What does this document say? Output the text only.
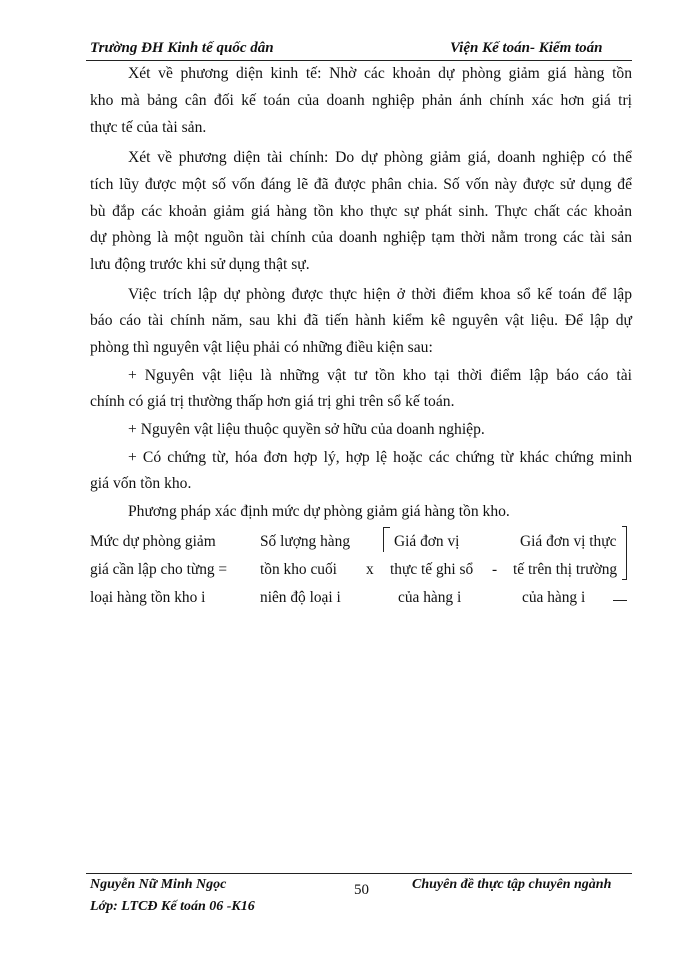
Trường ĐH Kinh tế quốc dân	Viện Kế toán- Kiểm toán
Xét về phương diện kinh tế: Nhờ các khoản dự phòng giảm giá hàng tồn
kho mà bảng cân đối kế toán của doanh nghiệp phản ánh chính xác hơn giá trị
thực tế của tài sản.
Xét về phương diện tài chính: Do dự phòng giảm giá, doanh nghiệp có thể
tích lũy được một số vốn đáng lẽ đã được phân chia. Số vốn này được sử dụng để
bù đắp các khoản giảm giá hàng tồn kho thực sự phát sinh. Thực chất các khoản
dự phòng là một nguồn tài chính của doanh nghiệp tạm thời nằm trong các tài sản
lưu động trước khi sử dụng thật sự.
Việc trích lập dự phòng được thực hiện ở thời điểm khoa sổ kế toán để lập
báo cáo tài chính năm, sau khi đã tiến hành kiểm kê nguyên vật liệu. Để lập dự
phòng thì nguyên vật liệu phải có những điều kiện sau:
+ Nguyên vật liệu là những vật tư tồn kho tại thời điểm lập báo cáo tài
chính có giá trị thường thấp hơn giá trị ghi trên sổ kế toán.
+ Nguyên vật liệu thuộc quyền sở hữu của doanh nghiệp.
+ Có chứng từ, hóa đơn hợp lý, hợp lệ hoặc các chứng từ khác chứng minh
giá vốn tồn kho.
Phương pháp xác định mức dự phòng giảm giá hàng tồn kho.
Mức dự phòng giảm
giá cần lập cho từng =
loại hàng tồn kho i
Số lượng hàng
tồn kho cuối
niên độ loại i
x
Giá đơn vị
thực tế ghi sổ
của hàng i
-
Giá đơn vị thực
tế trên thị trường
của hàng i
Nguyễn Nữ Minh Ngọc	50	Chuyên đề thực tập chuyên ngành
Lớp: LTCĐ Kế toán 06 -K16
